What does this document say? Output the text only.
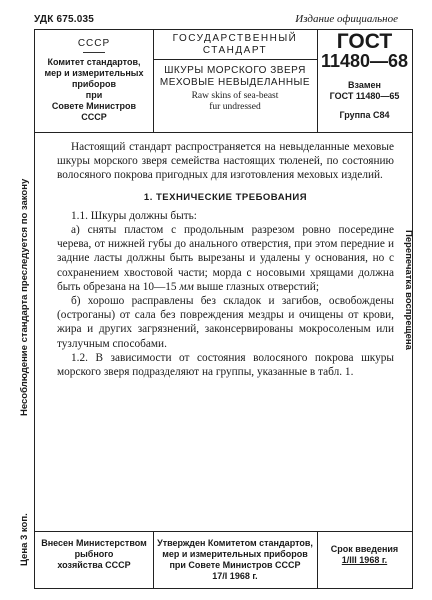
УДК 675.035	Издание официальное
Цена 3 коп.
Несоблюдение стандарта преследуется по закону	Перепечатка воспрещена
СССР
Комитет стандартов,
мер и измерительных
приборов
при
Совете Министров
СССР
ГОСУДАРСТВЕННЫЙ
СТАНДАРТ
ШКУРЫ МОРСКОГО ЗВЕРЯ
МЕХОВЫЕ НЕВЫДЕЛАННЫЕ
Raw skins of sea-beast
fur undressed
ГОСТ
11480—68
Взамен
ГОСТ 11480—65
Группа С84

Настоящий стандарт распространяется на невыделанные меховые шкуры морского зверя семейства настоящих тюленей, по состоянию волосяного покрова пригодных для изготовления меховых изделий.

1. ТЕХНИЧЕСКИЕ ТРЕБОВАНИЯ

1.1. Шкуры должны быть:

а) сняты пластом с продольным разрезом ровно посередине черева, от нижней губы до анального отверстия, при этом передние и задние ласты должны быть вырезаны и удалены у основания, но с сохранением хвостовой части; морда с носовыми хрящами должна быть обрезана на 10—15 мм выше глазных отверстий;

б) хорошо расправлены без складок и загибов, освобождены (остроганы) от сала без повреждения мездры и очищены от крови, жира и других загрязнений, законсервированы мокросоленым или тузлучным способами.

1.2. В зависимости от состояния волосяного покрова шкуры морского зверя подразделяют на группы, указанные в табл. 1.

Внесен Министерством
рыбного
хозяйства СССР
Утвержден Комитетом стандартов,
мер и измерительных приборов
при Совете Министров СССР
17/I 1968 г.
Срок введения
1/III 1968 г.
